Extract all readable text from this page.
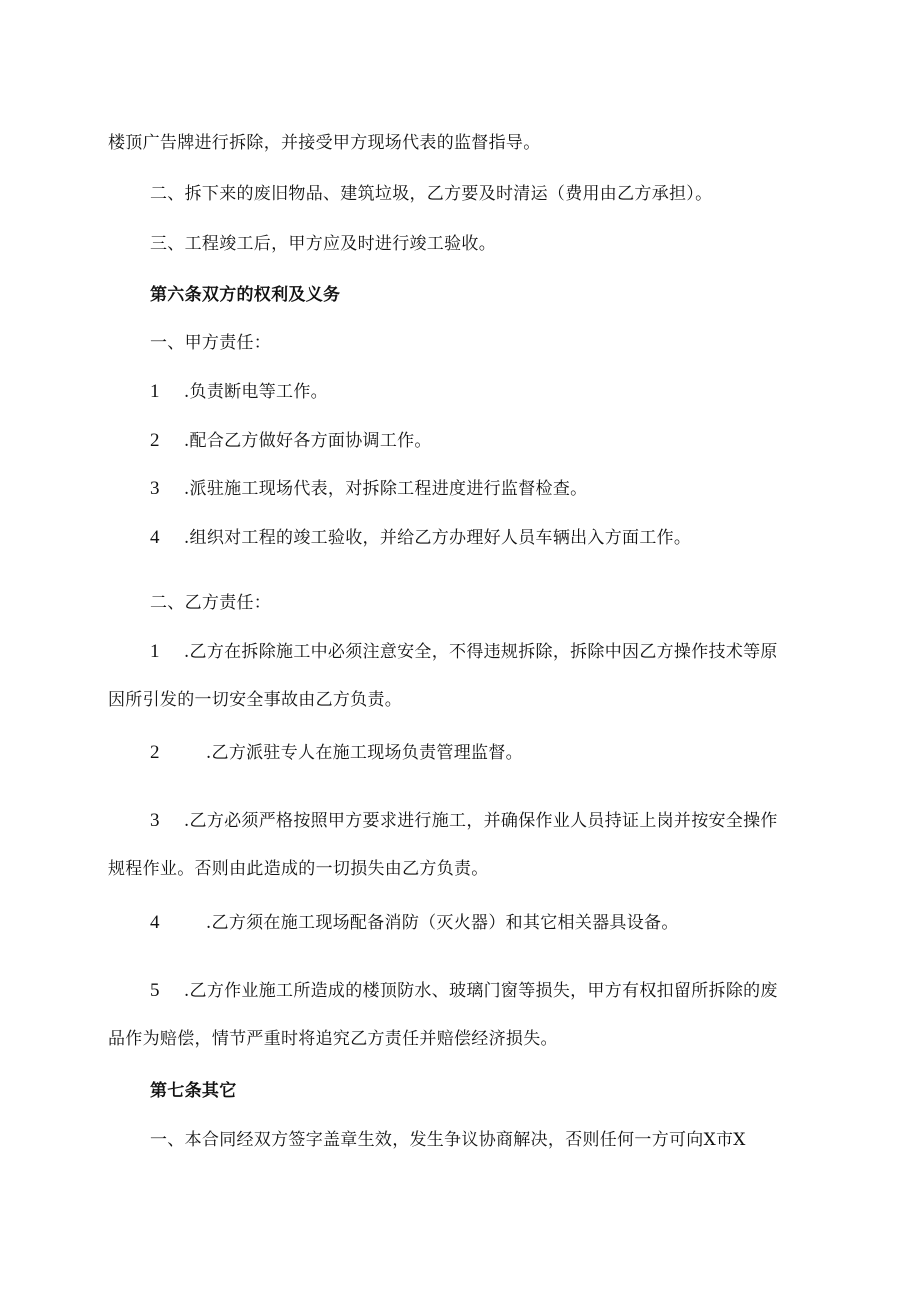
楼顶广告牌进行拆除，并接受甲方现场代表的监督指导。
二、拆下来的废旧物品、建筑垃圾，乙方要及时清运（费用由乙方承担）。
三、工程竣工后，甲方应及时进行竣工验收。
第六条双方的权利及义务
一、甲方责任：
1 .负责断电等工作。
2 .配合乙方做好各方面协调工作。
3 .派驻施工现场代表，对拆除工程进度进行监督检查。
4 .组织对工程的竣工验收，并给乙方办理好人员车辆出入方面工作。
二、乙方责任：
1 .乙方在拆除施工中必须注意安全，不得违规拆除，拆除中因乙方操作技术等原
因所引发的一切安全事故由乙方负责。
2	.乙方派驻专人在施工现场负责管理监督。
3 .乙方必须严格按照甲方要求进行施工，并确保作业人员持证上岗并按安全操作
规程作业。否则由此造成的一切损失由乙方负责。
4	.乙方须在施工现场配备消防（灭火器）和其它相关器具设备。
5 .乙方作业施工所造成的楼顶防水、玻璃门窗等损失，甲方有权扣留所拆除的废
品作为赔偿，情节严重时将追究乙方责任并赔偿经济损失。
第七条其它
一、本合同经双方签字盖章生效，发生争议协商解决，否则任何一方可向X市X
